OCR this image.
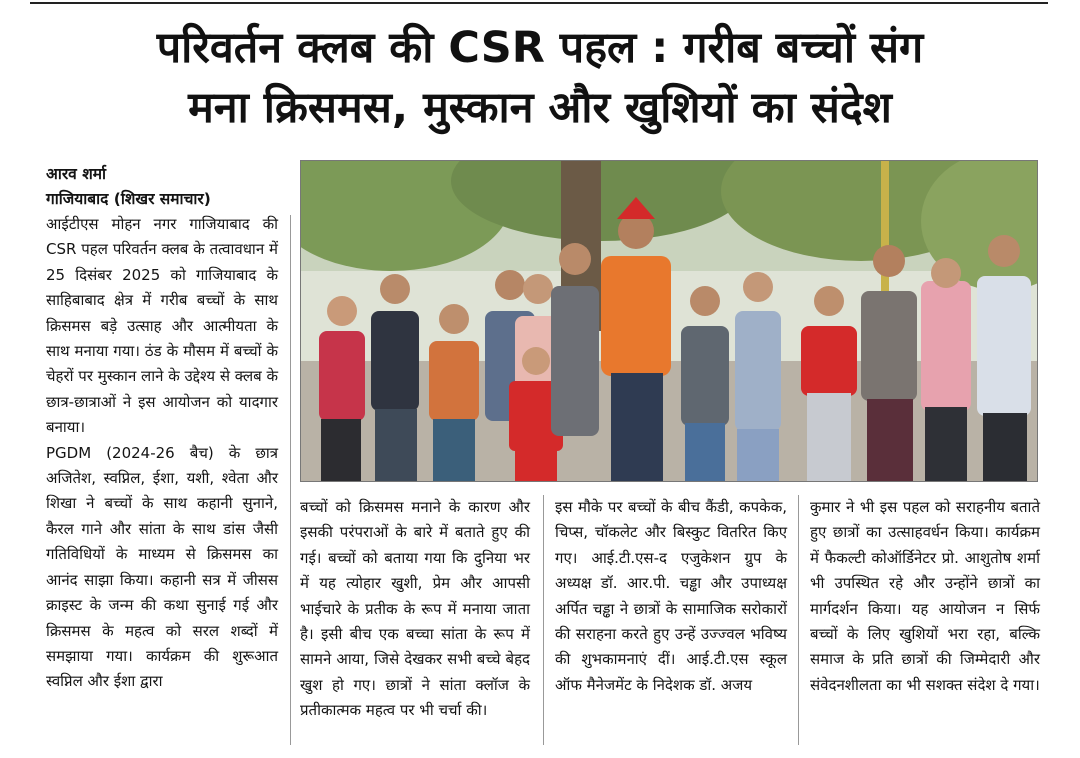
परिवर्तन क्लब की CSR पहल : गरीब बच्चों संग
मना क्रिसमस, मुस्कान और खुशियों का संदेश
आरव शर्मा
गाजियाबाद (शिखर समाचार)

आईटीएस मोहन नगर गाजियाबाद की CSR पहल परिवर्तन क्लब के तत्वावधान में 25 दिसंबर 2025 को गाजियाबाद के साहिबाबाद क्षेत्र में गरीब बच्चों के साथ क्रिसमस बड़े उत्साह और आत्मीयता के साथ मनाया गया। ठंड के मौसम में बच्चों के चेहरों पर मुस्कान लाने के उद्देश्य से क्लब के छात्र-छात्राओं ने इस आयोजन को यादगार बनाया।

PGDM (2024-26 बैच) के छात्र अजितेश, स्वप्निल, ईशा, यशी, श्वेता और शिखा ने बच्चों के साथ कहानी सुनाने, कैरल गाने और सांता के साथ डांस जैसी गतिविधियों के माध्यम से क्रिसमस का आनंद साझा किया। कहानी सत्र में जीसस क्राइस्ट के जन्म की कथा सुनाई गई और क्रिसमस के महत्व को सरल शब्दों में समझाया गया। कार्यक्रम की शुरूआत स्वप्निल और ईशा द्वारा

बच्चों को क्रिसमस मनाने के कारण और इसकी परंपराओं के बारे में बताते हुए की गई। बच्चों को बताया गया कि दुनिया भर में यह त्योहार खुशी, प्रेम और आपसी भाईचारे के प्रतीक के रूप में मनाया जाता है। इसी बीच एक बच्चा सांता के रूप में सामने आया, जिसे देखकर सभी बच्चे बेहद खुश हो गए। छात्रों ने सांता क्लॉज के प्रतीकात्मक महत्व पर भी चर्चा की।

इस मौके पर बच्चों के बीच कैंडी, कपकेक, चिप्स, चॉकलेट और बिस्कुट वितरित किए गए। आई.टी.एस-द एजुकेशन ग्रुप के अध्यक्ष डॉ. आर.पी. चड्ढा और उपाध्यक्ष अर्पित चड्ढा ने छात्रों के सामाजिक सरोकारों की सराहना करते हुए उन्हें उज्ज्वल भविष्य की शुभकामनाएं दीं। आई.टी.एस स्कूल ऑफ मैनेजमेंट के निदेशक डॉ. अजय

कुमार ने भी इस पहल को सराहनीय बताते हुए छात्रों का उत्साहवर्धन किया। कार्यक्रम में फैकल्टी कोऑर्डिनेटर प्रो. आशुतोष शर्मा भी उपस्थित रहे और उन्होंने छात्रों का मार्गदर्शन किया। यह आयोजन न सिर्फ बच्चों के लिए खुशियों भरा रहा, बल्कि समाज के प्रति छात्रों की जिम्मेदारी और संवेदनशीलता का भी सशक्त संदेश दे गया।
